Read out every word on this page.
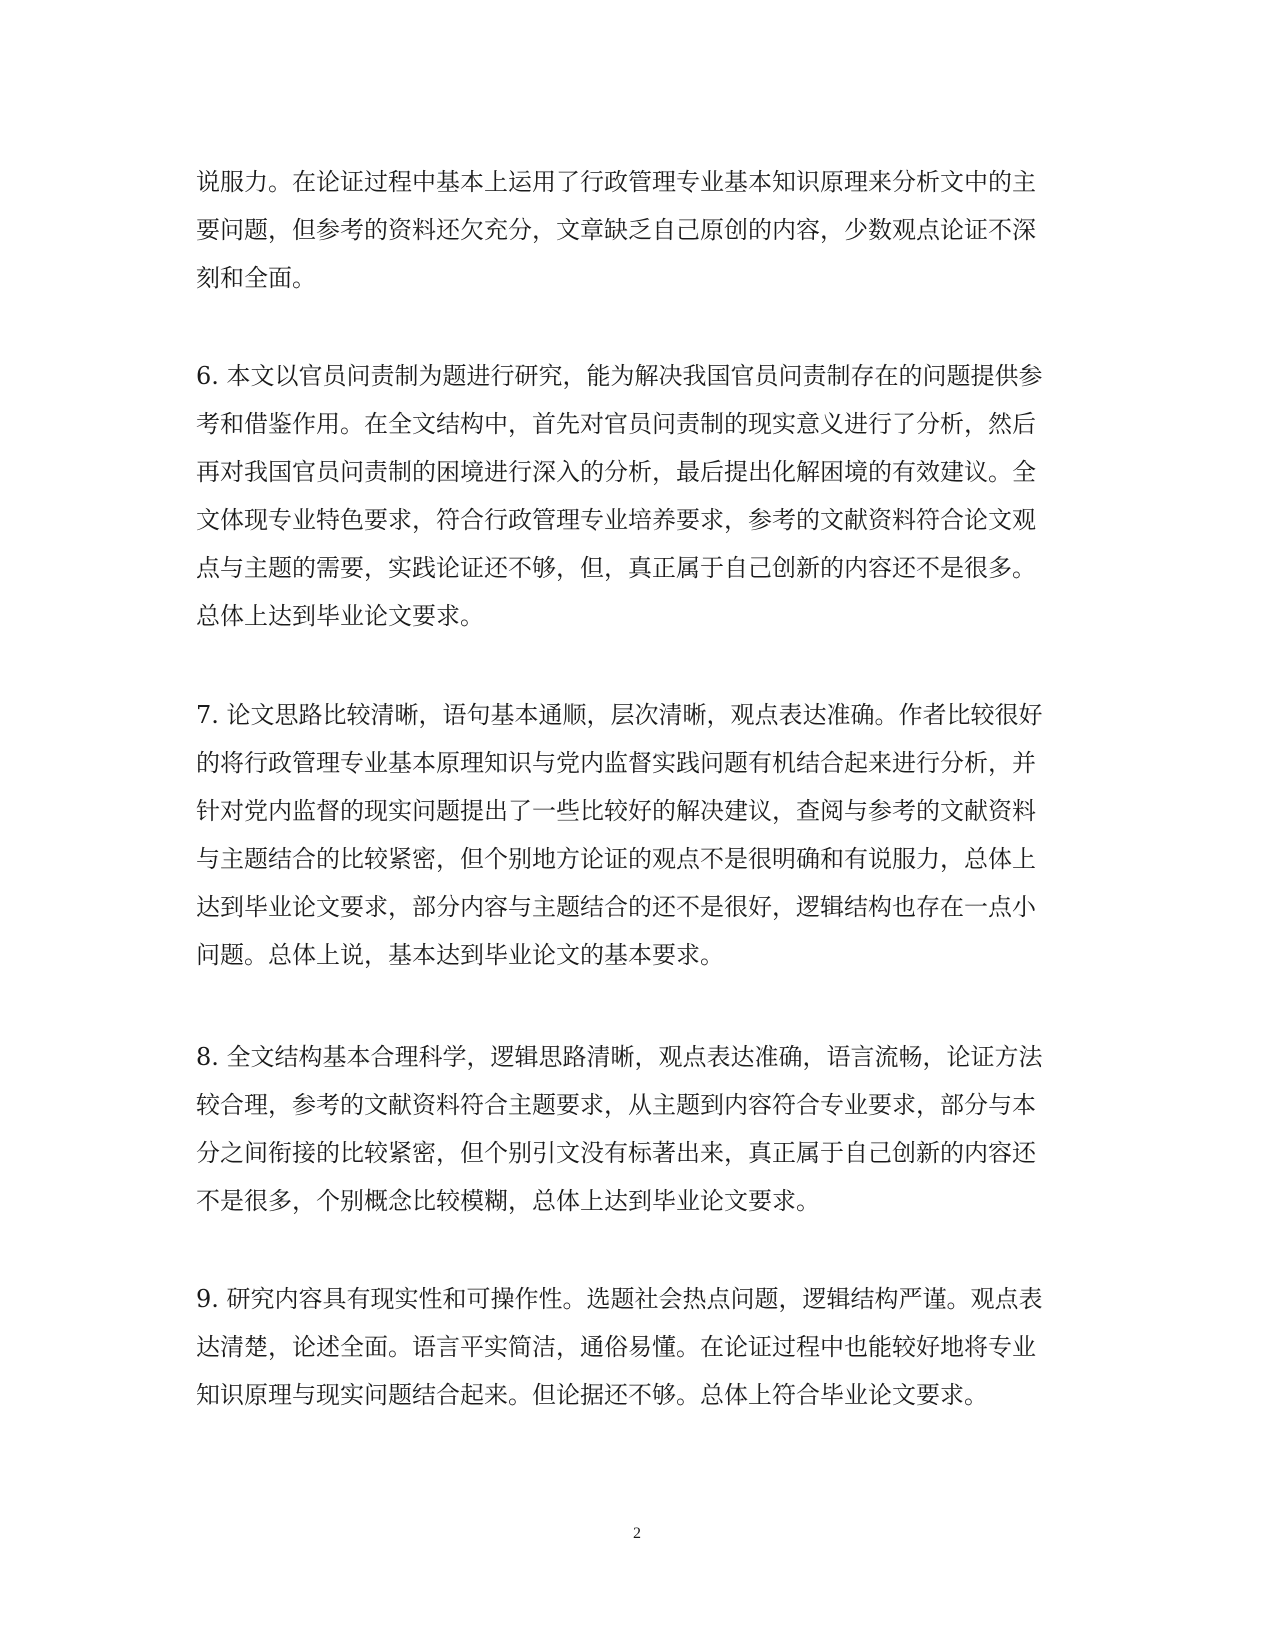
说服力。在论证过程中基本上运用了行政管理专业基本知识原理来分析文中的主
要问题，但参考的资料还欠充分，文章缺乏自己原创的内容，少数观点论证不深
刻和全面。
6. 本文以官员问责制为题进行研究，能为解决我国官员问责制存在的问题提供参
考和借鉴作用。在全文结构中，首先对官员问责制的现实意义进行了分析，然后
再对我国官员问责制的困境进行深入的分析，最后提出化解困境的有效建议。全
文体现专业特色要求，符合行政管理专业培养要求，参考的文献资料符合论文观
点与主题的需要，实践论证还不够，但，真正属于自己创新的内容还不是很多。
总体上达到毕业论文要求。
7. 论文思路比较清晰，语句基本通顺，层次清晰，观点表达准确。作者比较很好
的将行政管理专业基本原理知识与党内监督实践问题有机结合起来进行分析，并
针对党内监督的现实问题提出了一些比较好的解决建议，查阅与参考的文献资料
与主题结合的比较紧密，但个别地方论证的观点不是很明确和有说服力，总体上
达到毕业论文要求，部分内容与主题结合的还不是很好，逻辑结构也存在一点小
问题。总体上说，基本达到毕业论文的基本要求。
8. 全文结构基本合理科学，逻辑思路清晰，观点表达准确，语言流畅，论证方法
较合理，参考的文献资料符合主题要求，从主题到内容符合专业要求，部分与本
分之间衔接的比较紧密，但个别引文没有标著出来，真正属于自己创新的内容还
不是很多，个别概念比较模糊，总体上达到毕业论文要求。
9. 研究内容具有现实性和可操作性。选题社会热点问题，逻辑结构严谨。观点表
达清楚，论述全面。语言平实简洁，通俗易懂。在论证过程中也能较好地将专业
知识原理与现实问题结合起来。但论据还不够。总体上符合毕业论文要求。
2
